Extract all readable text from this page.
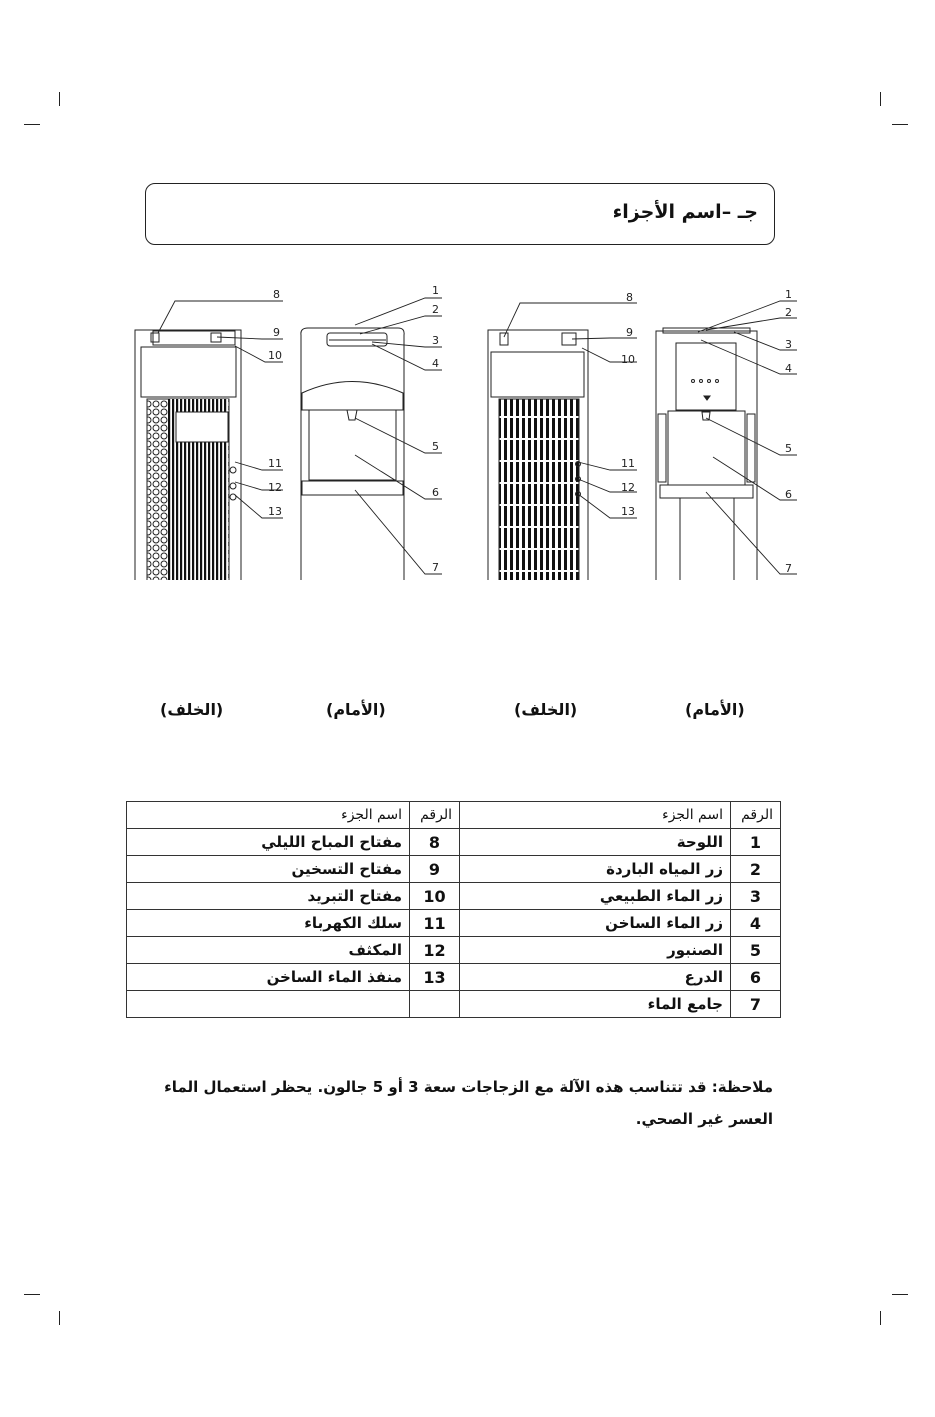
ﺟـ –اسم الأجزاء
8
9
10
11
12
13
1
2
3
4
5
6
7
8
9
10
11
12
13
1
2
3
4
5
6
7
(الخلف)	(الأمام)	(الخلف)	(الأمام)
الرقم	اسم الجزء	الرقم	اسم الجزء
1	اللوحة	8	مفتاح المباح الليلي
2	زر المياه الباردة	9	مفتاح التسخين
3	زر الماء الطبيعي	10	مفتاح التبريد
4	زر الماء الساخن	11	سلك الكهرباء
5	الصنبور	12	المكثف
6	الدرع	13	منفذ الماء الساخن
7	جامع الماء		
ملاحظة: قد تتناسب هذه الآلة مع الزجاجات سعة 3 أو 5 جالون. يحظر استعمال الماء العسر غير الصحي.
